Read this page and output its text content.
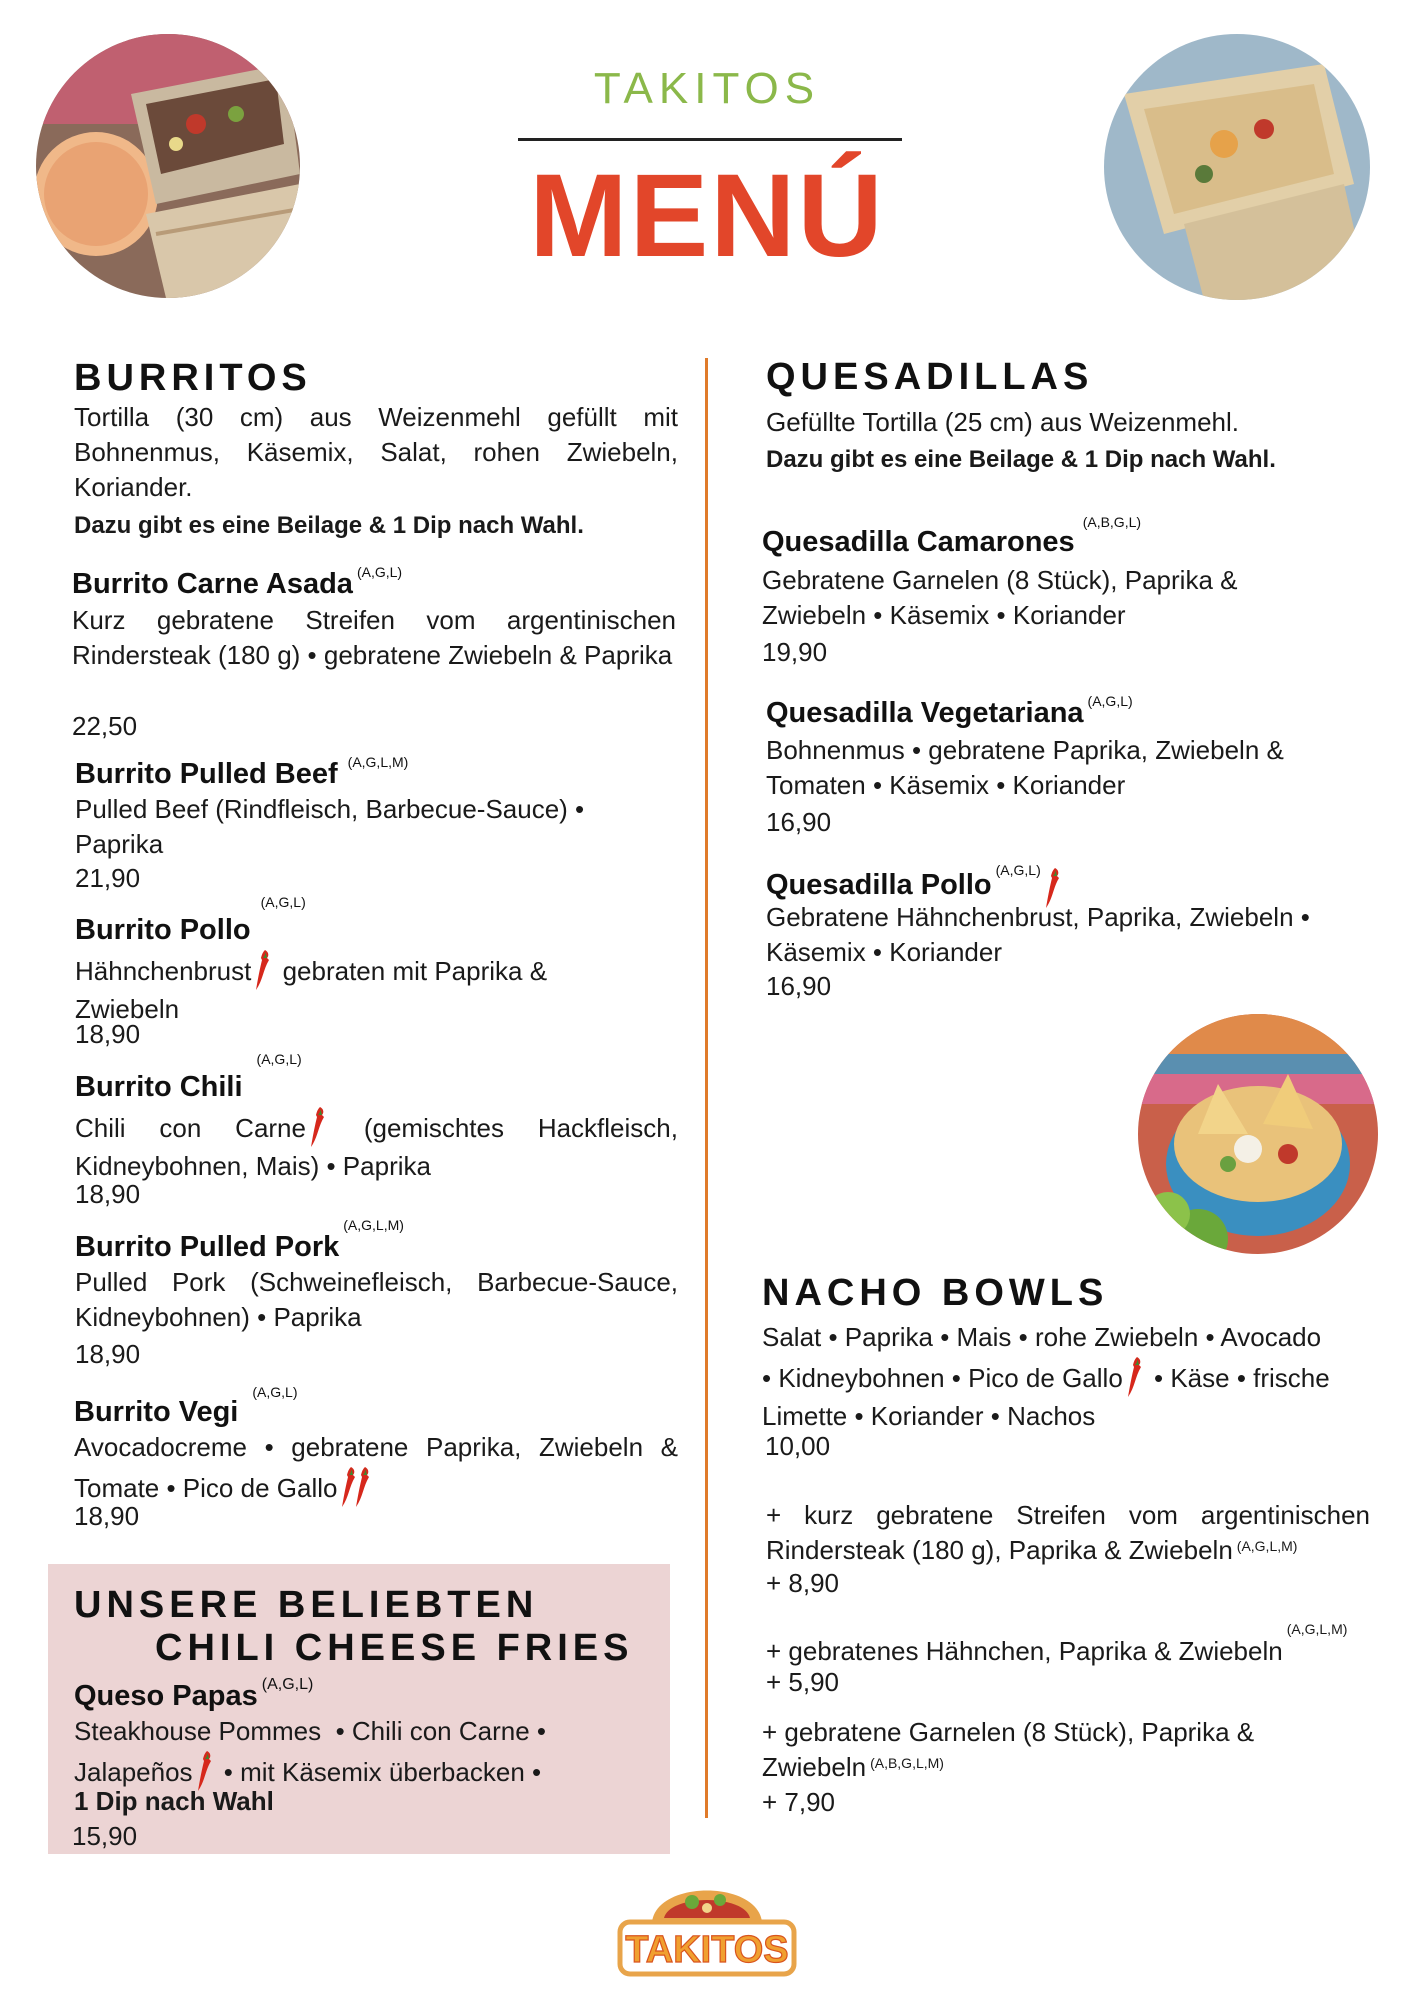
TAKITOS
MENÚ
BURRITOS
Tortilla (30 cm) aus Weizenmehl gefüllt mit Bohnenmus, Käsemix, Salat, rohen Zwiebeln, Koriander.
Dazu gibt es eine Beilage & 1 Dip nach Wahl.
Burrito Carne Asada $^{(A,G,L)}$
Kurz gebratene Streifen vom argentinischen Rindersteak (180 g) • gebratene Zwiebeln & Paprika
22,50
Burrito Pulled Beef $^{(A,G,L,M)}$
Pulled Beef (Rindfleisch, Barbecue-Sauce) • Paprika
21,90
Burrito Pollo$^{(A,G,L)}$
Hähnchenbrust gebraten mit Paprika & Zwiebeln
18,90
Burrito Chili$^{(A,G,L)}$
Chili con Carne (gemischtes Hackfleisch, Kidneybohnen, Mais) • Paprika
18,90
Burrito Pulled Pork$^{(A,G,L,M)}$
Pulled Pork (Schweinefleisch, Barbecue-Sauce, Kidneybohnen) • Paprika
18,90
Burrito Vegi$^{(A,G,L)}$
Avocadocreme • gebratene Paprika, Zwiebeln & Tomate • Pico de Gallo
18,90
UNSERE BELIEBTEN
CHILI CHEESE FRIES
Queso Papas $^{(A,G,L)}$
Steakhouse Pommes  • Chili con Carne •
Jalapeños • mit Käsemix überbacken •
1 Dip nach Wahl
15,90
QUESADILLAS
Gefüllte Tortilla (25 cm) aus Weizenmehl.
Dazu gibt es eine Beilage & 1 Dip nach Wahl.
Quesadilla Camarones$^{(A,B,G,L)}$
Gebratene Garnelen (8 Stück), Paprika & Zwiebeln • Käsemix • Koriander
19,90
Quesadilla Vegetariana $^{(A,G,L)}$
Bohnenmus • gebratene Paprika, Zwiebeln & Tomaten • Käsemix • Koriander
16,90
Quesadilla Pollo $^{(A,G,L)}$
Gebratene Hähnchenbrust, Paprika, Zwiebeln • Käsemix • Koriander
16,90
NACHO BOWLS
Salat • Paprika • Mais • rohe Zwiebeln • Avocado • Kidneybohnen • Pico de Gallo • Käse • frische Limette • Koriander • Nachos
10,00
+ kurz gebratene Streifen vom argentinischen Rindersteak (180 g), Paprika & Zwiebeln $^{(A,G,L,M)}$
+ 8,90
+ gebratenes Hähnchen, Paprika & Zwiebeln$^{(A,G,L,M)}$
+ 5,90
+ gebratene Garnelen (8 Stück), Paprika & Zwiebeln $^{(A,B,G,L,M)}$
+ 7,90
TAKITOS
